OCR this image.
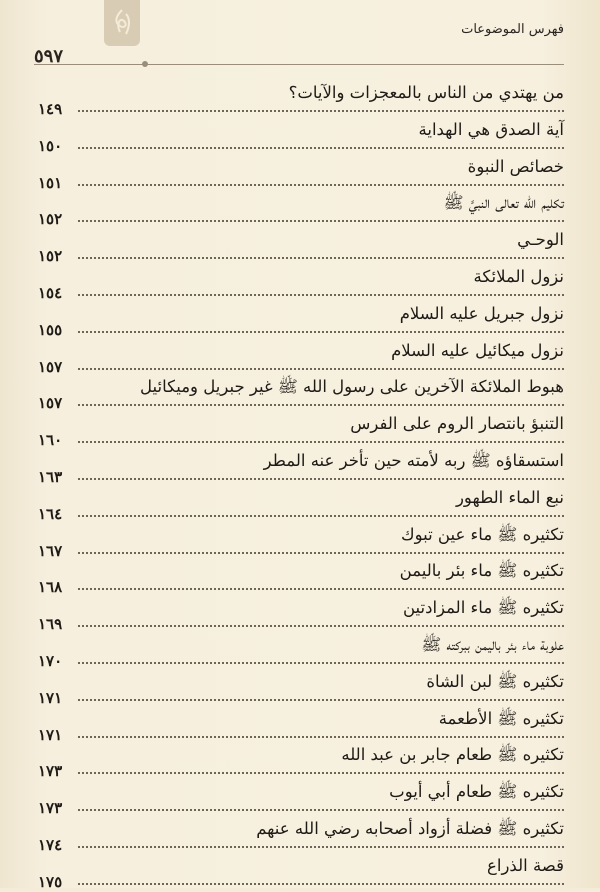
فهرس الموضوعات
٥٩٧
من يهتدي من الناس بالمعجزات والآيات؟
١٤٩
آية الصدق هي الهداية
١٥٠
خصائص النبوة
١٥١
تكليم الله تعالى النبيَّ ﷺ
١٥٢
الوحـي
١٥٢
نزول الملائكة
١٥٤
نزول جبريل عليه السلام
١٥٥
نزول ميكائيل عليه السلام
١٥٧
هبوط الملائكة الآخرين على رسول الله ﷺ غير جبريل وميكائيل
١٥٧
التنبؤ بانتصار الروم على الفرس
١٦٠
استسقاؤه ﷺ ربه لأمته حين تأخر عنه المطر
١٦٣
نبع الماء الطهور
١٦٤
تكثيره ﷺ ماء عين تبوك
١٦٧
تكثيره ﷺ ماء بئر باليمن
١٦٨
تكثيره ﷺ ماء المزادتين
١٦٩
علوبة ماء بئر باليمن ببركته ﷺ
١٧٠
تكثيره ﷺ لبن الشاة
١٧١
تكثيره ﷺ الأطعمة
١٧١
تكثيره ﷺ طعام جابر بن عبد الله
١٧٣
تكثيره ﷺ طعام أبي أيوب
١٧٣
تكثيره ﷺ فضلة أزواد أصحابه رضي الله عنهم
١٧٤
قصة الذراع
١٧٥
